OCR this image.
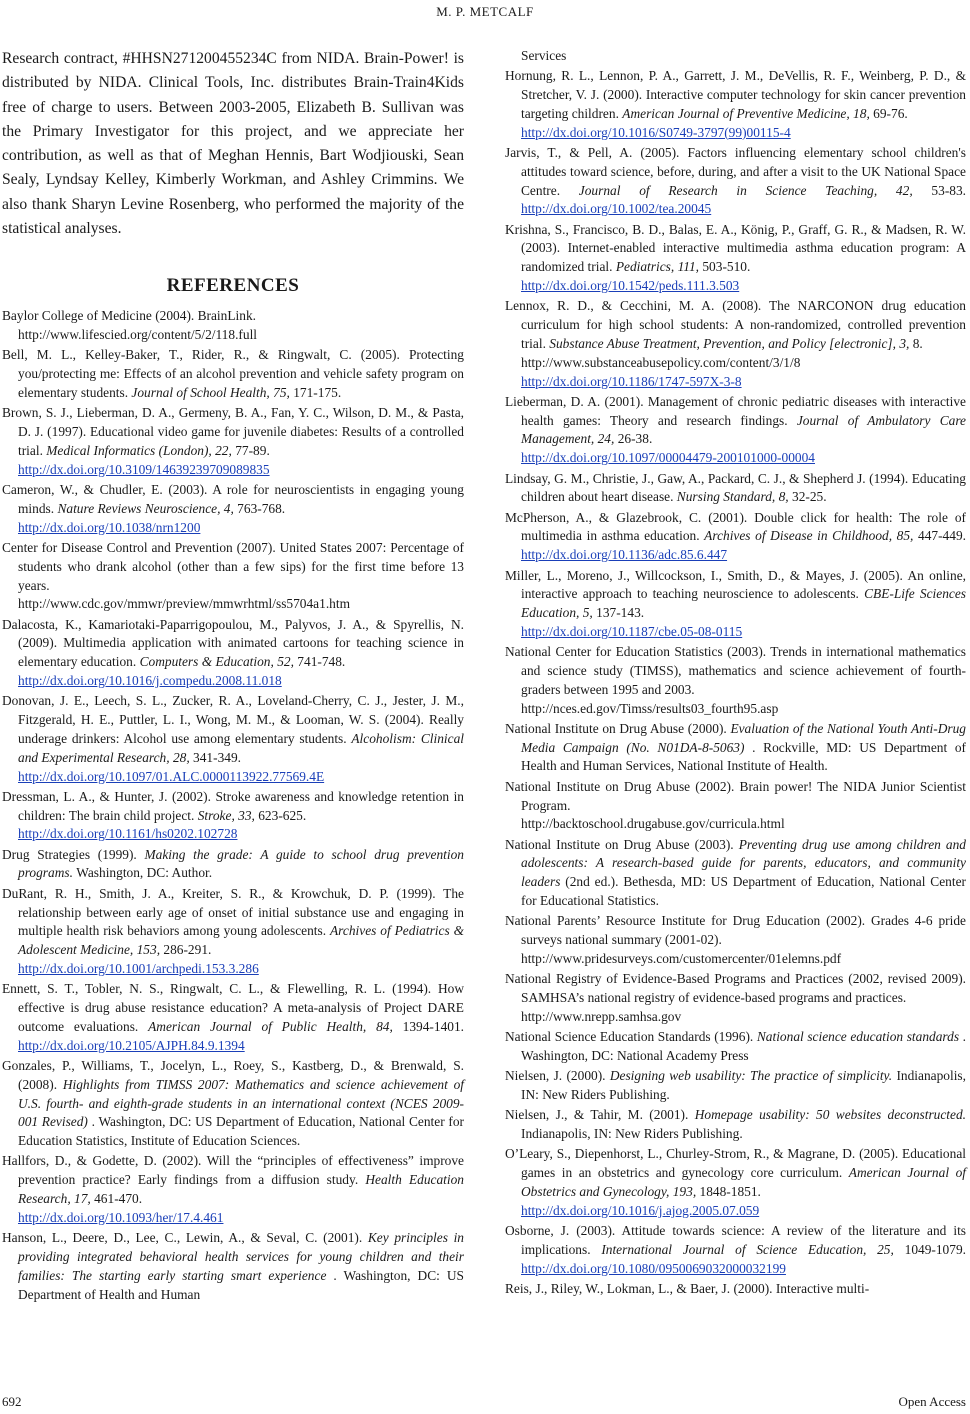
M. P. METCALF

Research contract, #HHSN271200455234C from NIDA. Brain-Power! is distributed by NIDA. Clinical Tools, Inc. distributes Brain-Train4Kids free of charge to users. Between 2003-2005, Elizabeth B. Sullivan was the Primary Investigator for this project, and we appreciate her contribution, as well as that of Meghan Hennis, Bart Wodjiouski, Sean Sealy, Lyndsay Kelley, Kimberly Workman, and Ashley Crimmins. We also thank Sharyn Levine Rosenberg, who performed the majority of the statistical analyses.

REFERENCES

Baylor College of Medicine (2004). BrainLink.
http://www.lifescied.org/content/5/2/118.full

Bell, M. L., Kelley-Baker, T., Rider, R., & Ringwalt, C. (2005). Protecting you/protecting me: Effects of an alcohol prevention and vehicle safety program on elementary students. Journal of School Health, 75, 171-175.

Brown, S. J., Lieberman, D. A., Germeny, B. A., Fan, Y. C., Wilson, D. M., & Pasta, D. J. (1997). Educational video game for juvenile diabetes: Results of a controlled trial. Medical Informatics (London), 22, 77-89.
http://dx.doi.org/10.3109/14639239709089835

Cameron, W., & Chudler, E. (2003). A role for neuroscientists in engaging young minds. Nature Reviews Neuroscience, 4, 763-768.
http://dx.doi.org/10.1038/nrn1200

Center for Disease Control and Prevention (2007). United States 2007: Percentage of students who drank alcohol (other than a few sips) for the first time before 13 years.
http://www.cdc.gov/mmwr/preview/mmwrhtml/ss5704a1.htm

Dalacosta, K., Kamariotaki-Paparrigopoulou, M., Palyvos, J. A., & Spyrellis, N. (2009). Multimedia application with animated cartoons for teaching science in elementary education. Computers & Education, 52, 741-748.
http://dx.doi.org/10.1016/j.compedu.2008.11.018

Donovan, J. E., Leech, S. L., Zucker, R. A., Loveland-Cherry, C. J., Jester, J. M., Fitzgerald, H. E., Puttler, L. I., Wong, M. M., & Looman, W. S. (2004). Really underage drinkers: Alcohol use among elementary students. Alcoholism: Clinical and Experimental Research, 28, 341-349.
http://dx.doi.org/10.1097/01.ALC.0000113922.77569.4E

Dressman, L. A., & Hunter, J. (2002). Stroke awareness and knowledge retention in children: The brain child project. Stroke, 33, 623-625.
http://dx.doi.org/10.1161/hs0202.102728

Drug Strategies (1999). Making the grade: A guide to school drug prevention programs. Washington, DC: Author.

DuRant, R. H., Smith, J. A., Kreiter, S. R., & Krowchuk, D. P. (1999). The relationship between early age of onset of initial substance use and engaging in multiple health risk behaviors among young adolescents. Archives of Pediatrics & Adolescent Medicine, 153, 286-291.
http://dx.doi.org/10.1001/archpedi.153.3.286

Ennett, S. T., Tobler, N. S., Ringwalt, C. L., & Flewelling, R. L. (1994). How effective is drug abuse resistance education? A meta-analysis of Project DARE outcome evaluations. American Journal of Public Health, 84, 1394-1401. http://dx.doi.org/10.2105/AJPH.84.9.1394

Gonzales, P., Williams, T., Jocelyn, L., Roey, S., Kastberg, D., & Brenwald, S. (2008). Highlights from TIMSS 2007: Mathematics and science achievement of U.S. fourth- and eighth-grade students in an international context (NCES 2009-001 Revised) . Washington, DC: US Department of Education, National Center for Education Statistics, Institute of Education Sciences.

Hallfors, D., & Godette, D. (2002). Will the “principles of effectiveness” improve prevention practice? Early findings from a diffusion study. Health Education Research, 17, 461-470.
http://dx.doi.org/10.1093/her/17.4.461

Hanson, L., Deere, D., Lee, C., Lewin, A., & Seval, C. (2001). Key principles in providing integrated behavioral health services for young children and their families: The starting early starting smart experience . Washington, DC: US Department of Health and Human

Services

Hornung, R. L., Lennon, P. A., Garrett, J. M., DeVellis, R. F., Weinberg, P. D., & Stretcher, V. J. (2000). Interactive computer technology for skin cancer prevention targeting children. American Journal of Preventive Medicine, 18, 69-76.
http://dx.doi.org/10.1016/S0749-3797(99)00115-4

Jarvis, T., & Pell, A. (2005). Factors influencing elementary school children's attitudes toward science, before, during, and after a visit to the UK National Space Centre. Journal of Research in Science Teaching, 42, 53-83. http://dx.doi.org/10.1002/tea.20045

Krishna, S., Francisco, B. D., Balas, E. A., König, P., Graff, G. R., & Madsen, R. W. (2003). Internet-enabled interactive multimedia asthma education program: A randomized trial. Pediatrics, 111, 503-510.
http://dx.doi.org/10.1542/peds.111.3.503

Lennox, R. D., & Cecchini, M. A. (2008). The NARCONON drug education curriculum for high school students: A non-randomized, controlled prevention trial. Substance Abuse Treatment, Prevention, and Policy [electronic], 3, 8.
http://www.substanceabusepolicy.com/content/3/1/8
http://dx.doi.org/10.1186/1747-597X-3-8

Lieberman, D. A. (2001). Management of chronic pediatric diseases with interactive health games: Theory and research findings. Journal of Ambulatory Care Management, 24, 26-38.
http://dx.doi.org/10.1097/00004479-200101000-00004

Lindsay, G. M., Christie, J., Gaw, A., Packard, C. J., & Shepherd J. (1994). Educating children about heart disease. Nursing Standard, 8, 32-25.

McPherson, A., & Glazebrook, C. (2001). Double click for health: The role of multimedia in asthma education. Archives of Disease in Childhood, 85, 447-449. http://dx.doi.org/10.1136/adc.85.6.447

Miller, L., Moreno, J., Willcockson, I., Smith, D., & Mayes, J. (2005). An online, interactive approach to teaching neuroscience to adolescents. CBE-Life Sciences Education, 5, 137-143.
http://dx.doi.org/10.1187/cbe.05-08-0115

National Center for Education Statistics (2003). Trends in international mathematics and science study (TIMSS), mathematics and science achievement of fourth-graders between 1995 and 2003.
http://nces.ed.gov/Timss/results03_fourth95.asp

National Institute on Drug Abuse (2000). Evaluation of the National Youth Anti-Drug Media Campaign (No. N01DA-8-5063) . Rockville, MD: US Department of Health and Human Services, National Institute of Health.

National Institute on Drug Abuse (2002). Brain power! The NIDA Junior Scientist Program.
http://backtoschool.drugabuse.gov/curricula.html

National Institute on Drug Abuse (2003). Preventing drug use among children and adolescents: A research-based guide for parents, educators, and community leaders (2nd ed.). Bethesda, MD: US Department of Education, National Center for Educational Statistics.

National Parents’ Resource Institute for Drug Education (2002). Grades 4-6 pride surveys national summary (2001-02).
http://www.pridesurveys.com/customercenter/01elemns.pdf

National Registry of Evidence-Based Programs and Practices (2002, revised 2009). SAMHSA’s national registry of evidence-based programs and practices.
http://www.nrepp.samhsa.gov

National Science Education Standards (1996). National science education standards . Washington, DC: National Academy Press

Nielsen, J. (2000). Designing web usability: The practice of simplicity. Indianapolis, IN: New Riders Publishing.

Nielsen, J., & Tahir, M. (2001). Homepage usability: 50 websites deconstructed. Indianapolis, IN: New Riders Publishing.

O’Leary, S., Diepenhorst, L., Churley-Strom, R., & Magrane, D. (2005). Educational games in an obstetrics and gynecology core curriculum. American Journal of Obstetrics and Gynecology, 193, 1848-1851.
http://dx.doi.org/10.1016/j.ajog.2005.07.059

Osborne, J. (2003). Attitude towards science: A review of the literature and its implications. International Journal of Science Education, 25, 1049-1079. http://dx.doi.org/10.1080/0950069032000032199

Reis, J., Riley, W., Lokman, L., & Baer, J. (2000). Interactive multi-

692	Open Access
